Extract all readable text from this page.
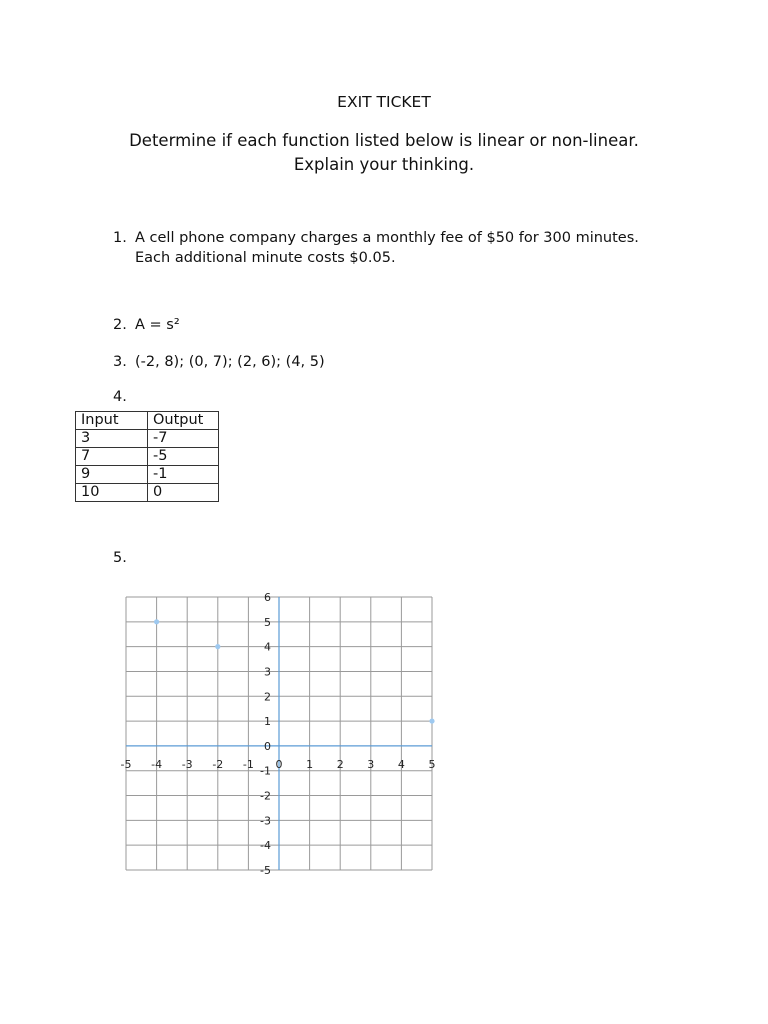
EXIT TICKET
Determine if each function listed below is linear or non-linear.
Explain your thinking.
1. A cell phone company charges a monthly fee of $50 for 300 minutes.
Each additional minute costs $0.05.
2. A = s²
3. (-2, 8); (0, 7); (2, 6); (4, 5)
4.
Input	Output
3	-7
7	-5
9	-1
10	0
5.
-5 -4 -3 -2 -1 0 1 2 3 4 5
6
5
4
3
2
1
0
-1
-2
-3
-4
-5
